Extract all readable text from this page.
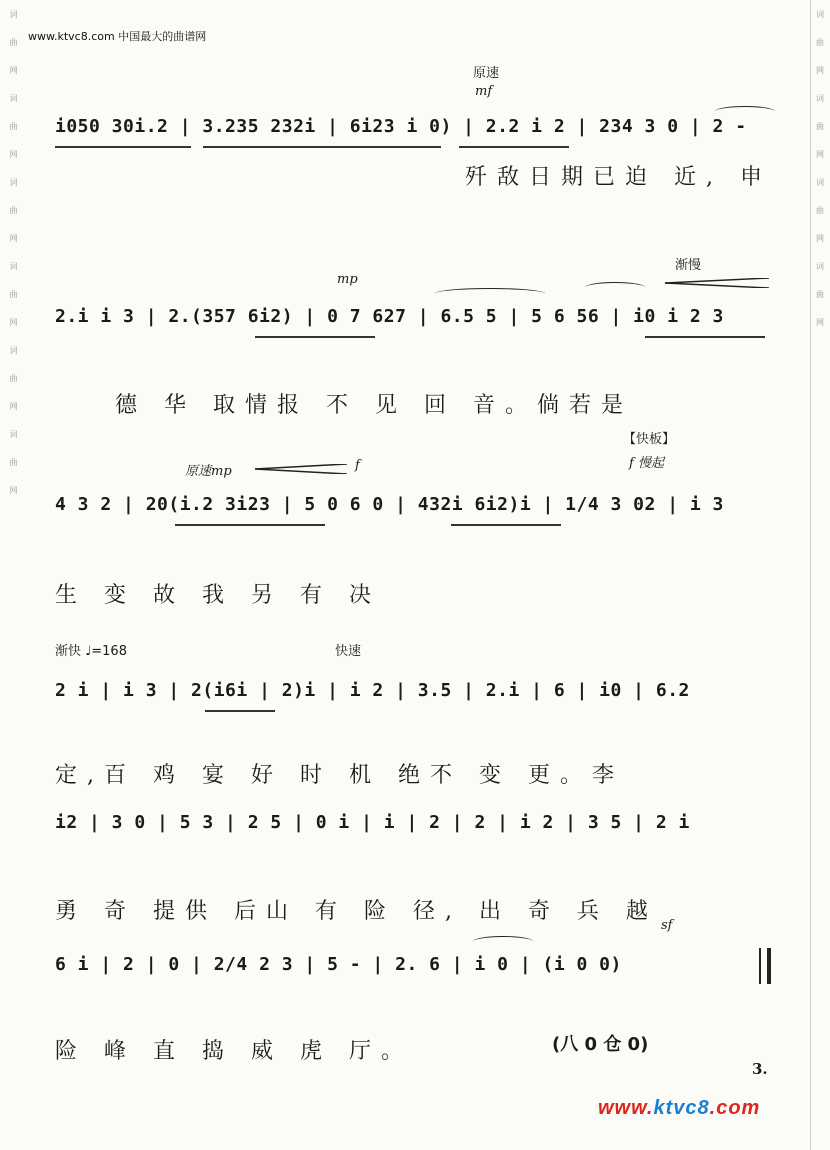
词
曲
网
词
曲
网
词
曲
网
词
曲
网
词
曲
网
词
曲
网
词
曲
网
词
曲
网
词
曲
网
词
曲
网
www.ktvc8.com 中国最大的曲谱网
原速
mf
i050 30i.2 | 3.235 232i | 6i23 i 0) | 2.2 i 2 | 234 3 0 | 2 -
歼敌日期已迫 近, 申
mp
渐慢
2.i i 3 | 2.(357 6i2) | 0 7 627 | 6.5 5 | 5 6 56 | i0 i 2 3
德 华 取情报 不 见 回 音。倘若是
【快板】
原速mp	f	f 慢起
4 3 2 | 20(i.2 3i23 | 5 0 6 0 | 432i 6i2)i | 1/4 3 02 | i 3
生 变 故 我 另 有 决
渐快 ♩=168	快速
2 i | i 3 | 2(i6i | 2)i | i 2 | 3.5 | 2.i | 6 | i0 | 6.2
定,百 鸡 宴 好 时 机 绝不 变 更。李
i2 | 3 0 | 5 3 | 2 5 | 0 i | i | 2 | 2 | i 2 | 3 5 | 2 i
勇 奇 提供 后山 有 险 径, 出 奇 兵 越
sf
6 i | 2 | 0 | 2/4 2 3 | 5 - | 2. 6 | i 0 | (i 0 0)
险 峰 直 捣 威 虎 厅。	(八 0 仓 0)
3.
www.ktvc8.com
